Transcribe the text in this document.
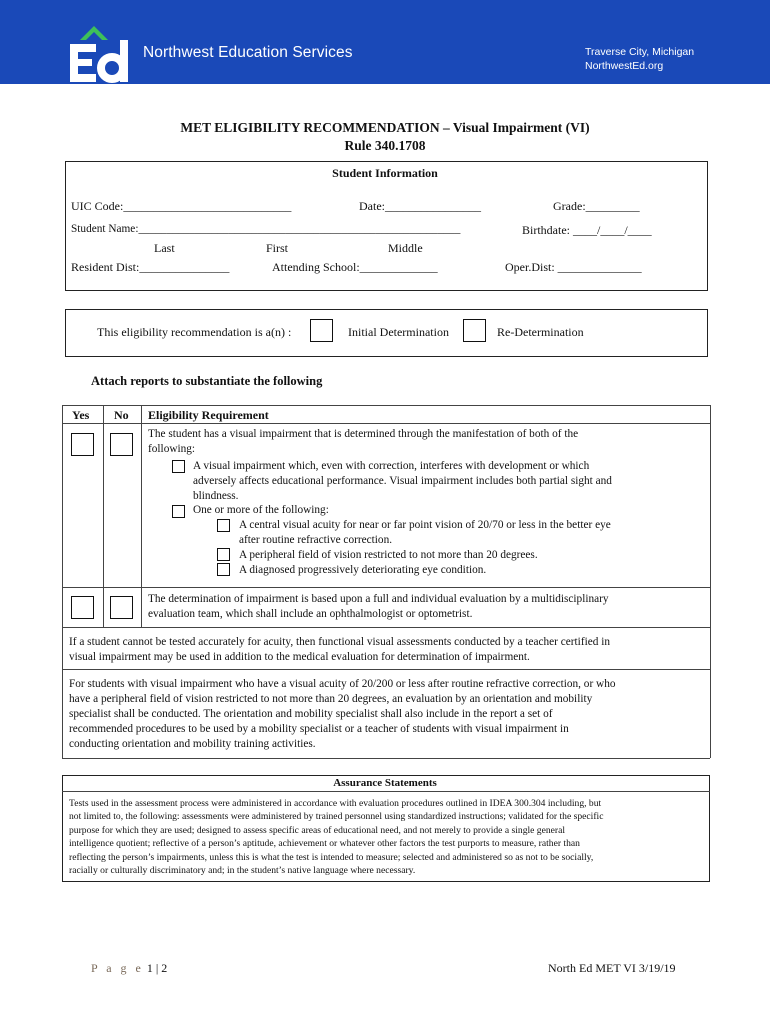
Northwest Education Services	Traverse City, Michigan
NorthwestEd.org
MET ELIGIBILITY RECOMMENDATION – Visual Impairment (VI)
Rule 340.1708
Student Information
UIC Code:____________________________	Date:________________	Grade:_________
Student Name:_________________________________________________________	Birthdate: ____/____/____
Last	First	Middle
Resident Dist:_______________	Attending School:_____________	Oper.Dist: ______________
This eligibility recommendation is a(n) :	Initial Determination	Re-Determination
Attach reports to substantiate the following
Yes No Eligibility Requirement
The student has a visual impairment that is determined through the manifestation of both of the
following:
A visual impairment which, even with correction, interferes with development or which
adversely affects educational performance. Visual impairment includes both partial sight and
blindness.
One or more of the following:
A central visual acuity for near or far point vision of 20/70 or less in the better eye
after routine refractive correction.
A peripheral field of vision restricted to not more than 20 degrees.
A diagnosed progressively deteriorating eye condition.
The determination of impairment is based upon a full and individual evaluation by a multidisciplinary
evaluation team, which shall include an ophthalmologist or optometrist.
If a student cannot be tested accurately for acuity, then functional visual assessments conducted by a teacher certified in
visual impairment may be used in addition to the medical evaluation for determination of impairment.
For students with visual impairment who have a visual acuity of 20/200 or less after routine refractive correction, or who
have a peripheral field of vision restricted to not more than 20 degrees, an evaluation by an orientation and mobility
specialist shall be conducted. The orientation and mobility specialist shall also include in the report a set of
recommended procedures to be used by a mobility specialist or a teacher of students with visual impairment in
conducting orientation and mobility training activities.
Assurance Statements
Tests used in the assessment process were administered in accordance with evaluation procedures outlined in IDEA 300.304 including, but
not limited to, the following: assessments were administered by trained personnel using standardized instructions; validated for the specific
purpose for which they are used; designed to assess specific areas of educational need, and not merely to provide a single general
intelligence quotient; reflective of a person’s aptitude, achievement or whatever other factors the test purports to measure, rather than
reflecting the person’s impairments, unless this is what the test is intended to measure; selected and administered so as not to be socially,
racially or culturally discriminatory and; in the student’s native language where necessary.
P a g e 1 | 2	North Ed MET VI 3/19/19
